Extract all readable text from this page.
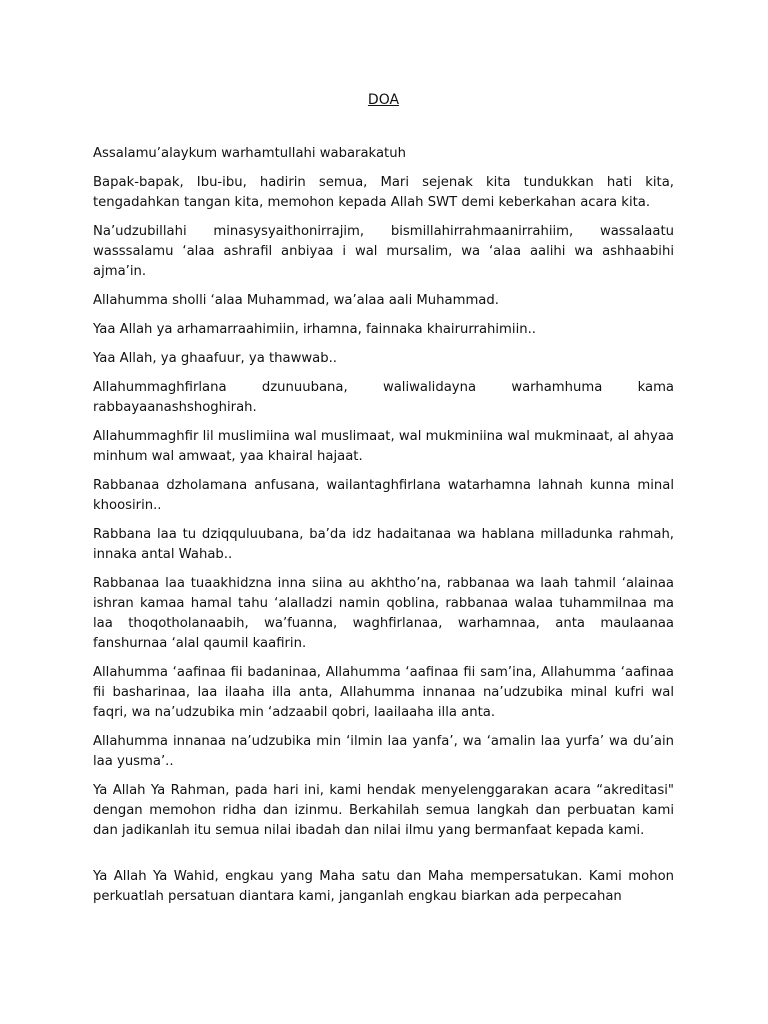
DOA

Assalamu’alaykum warhamtullahi wabarakatuh

Bapak-bapak, Ibu-ibu, hadirin semua, Mari sejenak kita tundukkan hati kita, tengadahkan tangan kita, memohon kepada Allah SWT demi keberkahan acara kita.

Na’udzubillahi minasysyaithonirrajim, bismillahirrahmaanirrahiim, wassalaatu wasssalamu ‘alaa ashrafil anbiyaa i wal mursalim, wa ‘alaa aalihi wa ashhaabihi ajma’in.

Allahumma sholli ‘alaa Muhammad, wa’alaa aali Muhammad.

Yaa Allah ya arhamarraahimiin, irhamna, fainnaka khairurrahimiin..

Yaa Allah, ya ghaafuur, ya thawwab..

Allahummaghfirlana dzunuubana, waliwalidayna warhamhuma kama rabbayaanashshoghirah.

Allahummaghfir lil muslimiina wal muslimaat, wal mukminiina wal mukminaat, al ahyaa minhum wal amwaat, yaa khairal hajaat.

Rabbanaa dzholamana anfusana, wailantaghfirlana watarhamna lahnah kunna minal khoosirin..

Rabbana laa tu dziqquluubana, ba’da idz hadaitanaa wa hablana milladunka rahmah, innaka antal Wahab..

Rabbanaa laa tuaakhidzna inna siina au akhtho’na, rabbanaa wa laah tahmil ‘alainaa ishran kamaa hamal tahu ‘alalladzi namin qoblina, rabbanaa walaa tuhammilnaa ma laa thoqotholanaabih, wa’fuanna, waghfirlanaa, warhamnaa, anta maulaanaa fanshurnaa ‘alal qaumil kaafirin.

Allahumma ‘aafinaa fii badaninaa, Allahumma ‘aafinaa fii sam’ina, Allahumma ‘aafinaa fii basharinaa, laa ilaaha illa anta, Allahumma innanaa na’udzubika minal kufri wal faqri, wa na’udzubika min ‘adzaabil qobri, laailaaha illa anta.

Allahumma innanaa na’udzubika min ‘ilmin laa yanfa’, wa ‘amalin laa yurfa’ wa du’ain laa yusma’..

Ya Allah Ya Rahman, pada hari ini, kami hendak menyelenggarakan acara “akreditasi" dengan memohon ridha dan izinmu. Berkahilah semua langkah dan perbuatan kami dan jadikanlah itu semua nilai ibadah dan nilai ilmu yang bermanfaat kepada kami.

Ya Allah Ya Wahid, engkau yang Maha satu dan Maha mempersatukan. Kami mohon perkuatlah persatuan diantara kami, janganlah engkau biarkan ada perpecahan
